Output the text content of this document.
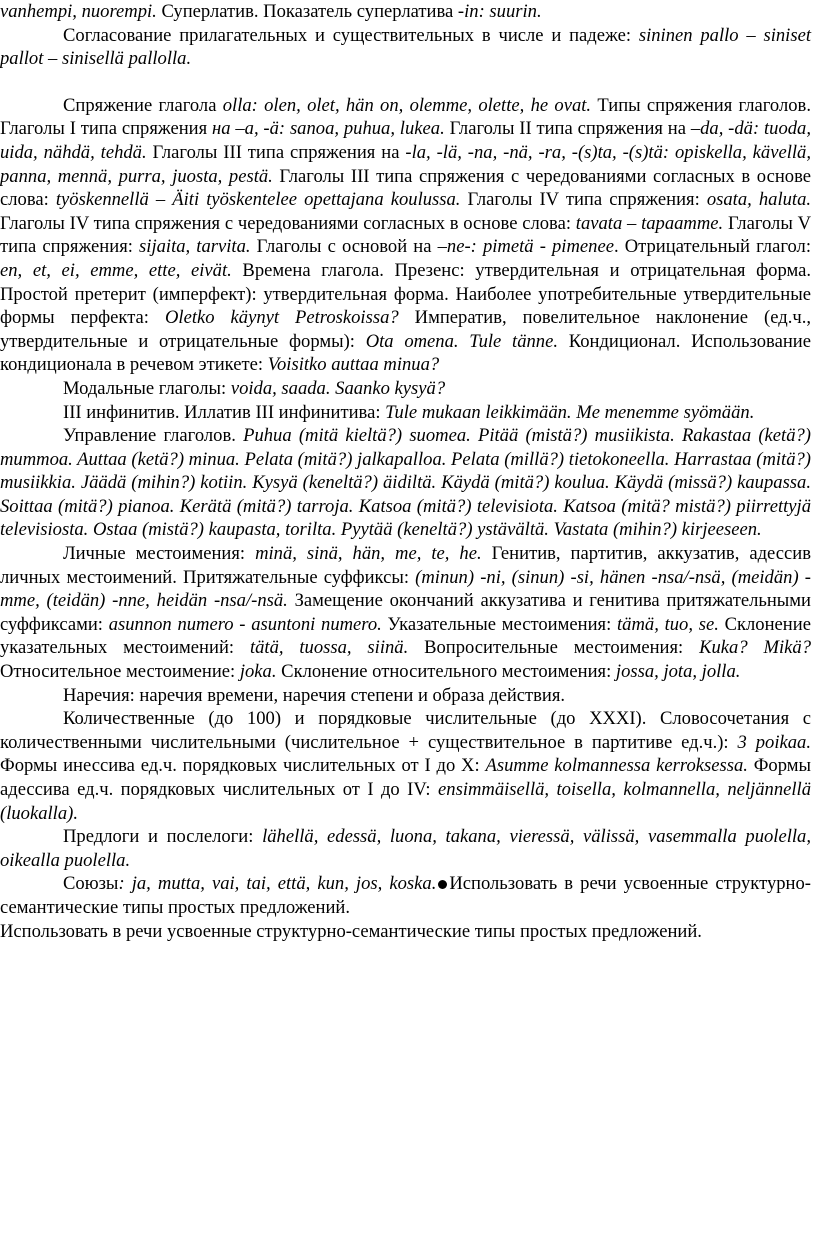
vanhempi, nuorempi. Суперлатив. Показатель суперлатива -in: suurin.

Согласование прилагательных и существительных в числе и падеже: sininen pallo – siniset pallot – sinisellä pallolla.

Спряжение глагола olla: olen, olet, hän on, olemme, olette, he ovat. Типы спряжения глаголов. Глаголы I типа спряжения на –a, -ä: sanoa, puhua, lukea. Глаголы II типа спряжения на –da, -dä: tuoda, uida, nähdä, tehdä. Глаголы III типа спряжения на -la, -lä, -na, -nä, -ra, -(s)ta, -(s)tä: opiskella, kävellä, panna, mennä, purra, juosta, pestä. Глаголы III типа спряжения с чередованиями согласных в основе слова: työskennellä – Äiti työskentelee opettajana koulussa. Глаголы IV типа спряжения: osata, haluta. Глаголы IV типа спряжения с чередованиями согласных в основе слова: tavata – tapaamme. Глаголы V типа спряжения: sijaita, tarvita. Глаголы с основой на –ne-: pimetä - pimenee. Отрицательный глагол: en, et, ei, emme, ette, eivät. Времена глагола. Презенс: утвердительная и отрицательная форма. Простой претерит (имперфект): утвердительная форма. Наиболее употребительные утвердительные формы перфекта: Oletko käynyt Petroskoissa? Императив, повелительное наклонение (ед.ч., утвердительные и отрицательные формы): Ota omena. Tule tänne. Кондиционал. Использование кондиционала в речевом этикете: Voisitko auttaa minua?

Модальные глаголы: voida, saada. Saanko kysyä?

III инфинитив. Иллатив III инфинитива: Tule mukaan leikkimään. Me menemme syömään.

Управление глаголов. Puhua (mitä kieltä?) suomea. Pitää (mistä?) musiikista. Rakastaa (ketä?) mummoa. Auttaa (ketä?) minua. Pelata (mitä?) jalkapalloa. Pelata (millä?) tietokoneella. Harrastaa (mitä?) musiikkia. Jäädä (mihin?) kotiin. Kysyä (keneltä?) äidiltä. Käydä (mitä?) koulua. Käydä (missä?) kaupassa. Soittaa (mitä?) pianoa. Kerätä (mitä?) tarroja. Katsoa (mitä?) televisiota. Katsoa (mitä? mistä?) piirrettyjä televisiosta. Ostaa (mistä?) kaupasta, torilta. Pyytää (keneltä?) ystävältä. Vastata (mihin?) kirjeeseen.

Личные местоимения: minä, sinä, hän, me, te, he. Генитив, партитив, аккузатив, адессив личных местоимений. Притяжательные суффиксы: (minun) -ni, (sinun) -si, hänen -nsa/-nsä, (meidän) -mme, (teidän) -nne, heidän -nsa/-nsä. Замещение окончаний аккузатива и генитива притяжательными суффиксами: asunnon numero - asuntoni numero. Указательные местоимения: tämä, tuo, se. Склонение указательных местоимений: tätä, tuossa, siinä. Вопросительные местоимения: Kuka? Mikä? Относительное местоимение: joka. Склонение относительного местоимения: jossa, jota, jolla.

Наречия: наречия времени, наречия степени и образа действия.

Количественные (до 100) и порядковые числительные (до XXXI). Словосочетания с количественными числительными (числительное + существительное в партитиве ед.ч.): 3 poikaa. Формы инессива ед.ч. порядковых числительных от I до X: Asumme kolmannessa kerroksessa. Формы адессива ед.ч. порядковых числительных от I до IV: ensimmäisellä, toisella, kolmannella, neljännellä (luokalla).

Предлоги и послелоги: lähellä, edessä, luona, takana, vieressä, välissä, vasemmalla puolella, oikealla puolella.

Союзы: ja, mutta, vai, tai, että, kun, jos, koska. Использовать в речи усвоенные структурно-семантические типы простых предложений.

Использовать в речи усвоенные структурно-семантические типы простых предложений.
